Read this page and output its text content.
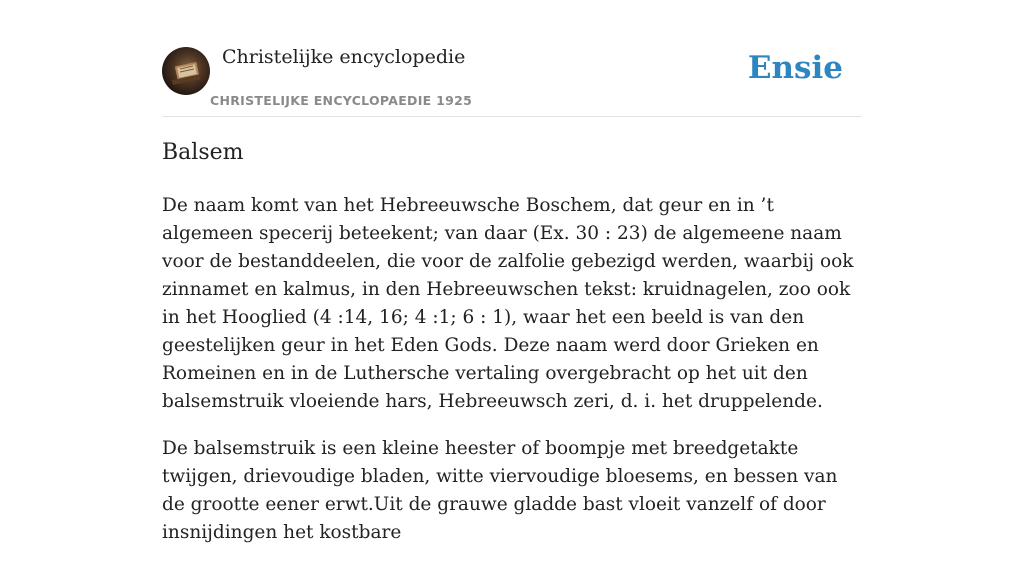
Christelijke encyclopedie
CHRISTELIJKE ENCYCLOPAEDIE 1925
Ensie
Balsem

De naam komt van het Hebreeuwsche Boschem, dat geur en in ’t algemeen specerij beteekent; van daar (Ex. 30 : 23) de algemeene naam voor de bestanddeelen, die voor de zalfolie gebezigd werden, waarbij ook zinnamet en kalmus, in den Hebreeuwschen tekst: kruidnagelen, zoo ook in het Hooglied (4 :14, 16; 4 :1; 6 : 1), waar het een beeld is van den geestelijken geur in het Eden Gods. Deze naam werd door Grieken en Romeinen en in de Luthersche vertaling overgebracht op het uit den balsemstruik vloeiende hars, Hebreeuwsch zeri, d. i. het druppelende.

De balsemstruik is een kleine heester of boompje met breedgetakte twijgen, drievoudige bladen, witte viervoudige bloesems, en bessen van de grootte eener erwt.Uit de grauwe gladde bast vloeit vanzelf of door insnijdingen het kostbare
